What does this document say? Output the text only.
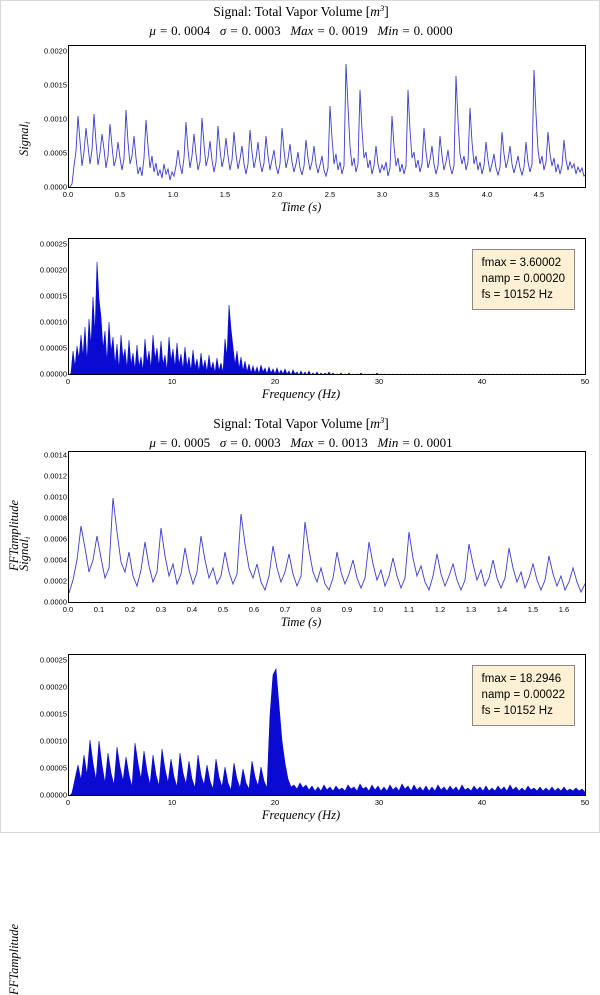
Signal: Total Vapor Volume $[m^3]$
μ = 0. 0004 σ = 0. 0003 Max = 0. 0019 Min = 0. 0000
Signali
0.0000
0.0005
0.0010
0.0015
0.0020
0.0	0.5	1.0	1.5	2.0	2.5	3.0	3.5	4.0	4.5
Time (s)
FFTamplitude
0.00000
0.00005
0.00010
0.00015
0.00020
0.00025
fmax = 3.60002
namp = 0.00020
fs = 10152 Hz
0	10	20	30	40	50
Frequency (Hz)
Signal: Total Vapor Volume $[m^3]$
μ = 0. 0005 σ = 0. 0003 Max = 0. 0013 Min = 0. 0001
Signali
0.0000
0.0002
0.0004
0.0006
0.0008
0.0010
0.0012
0.0014
0.0	0.1	0.2	0.3	0.4	0.5	0.6	0.7	0.8	0.9	1.0	1.1	1.2	1.3	1.4	1.5	1.6
Time (s)
FFTamplitude
0.00000
0.00005
0.00010
0.00015
0.00020
0.00025
fmax = 18.2946
namp = 0.00022
fs = 10152 Hz
0	10	20	30	40	50
Frequency (Hz)
